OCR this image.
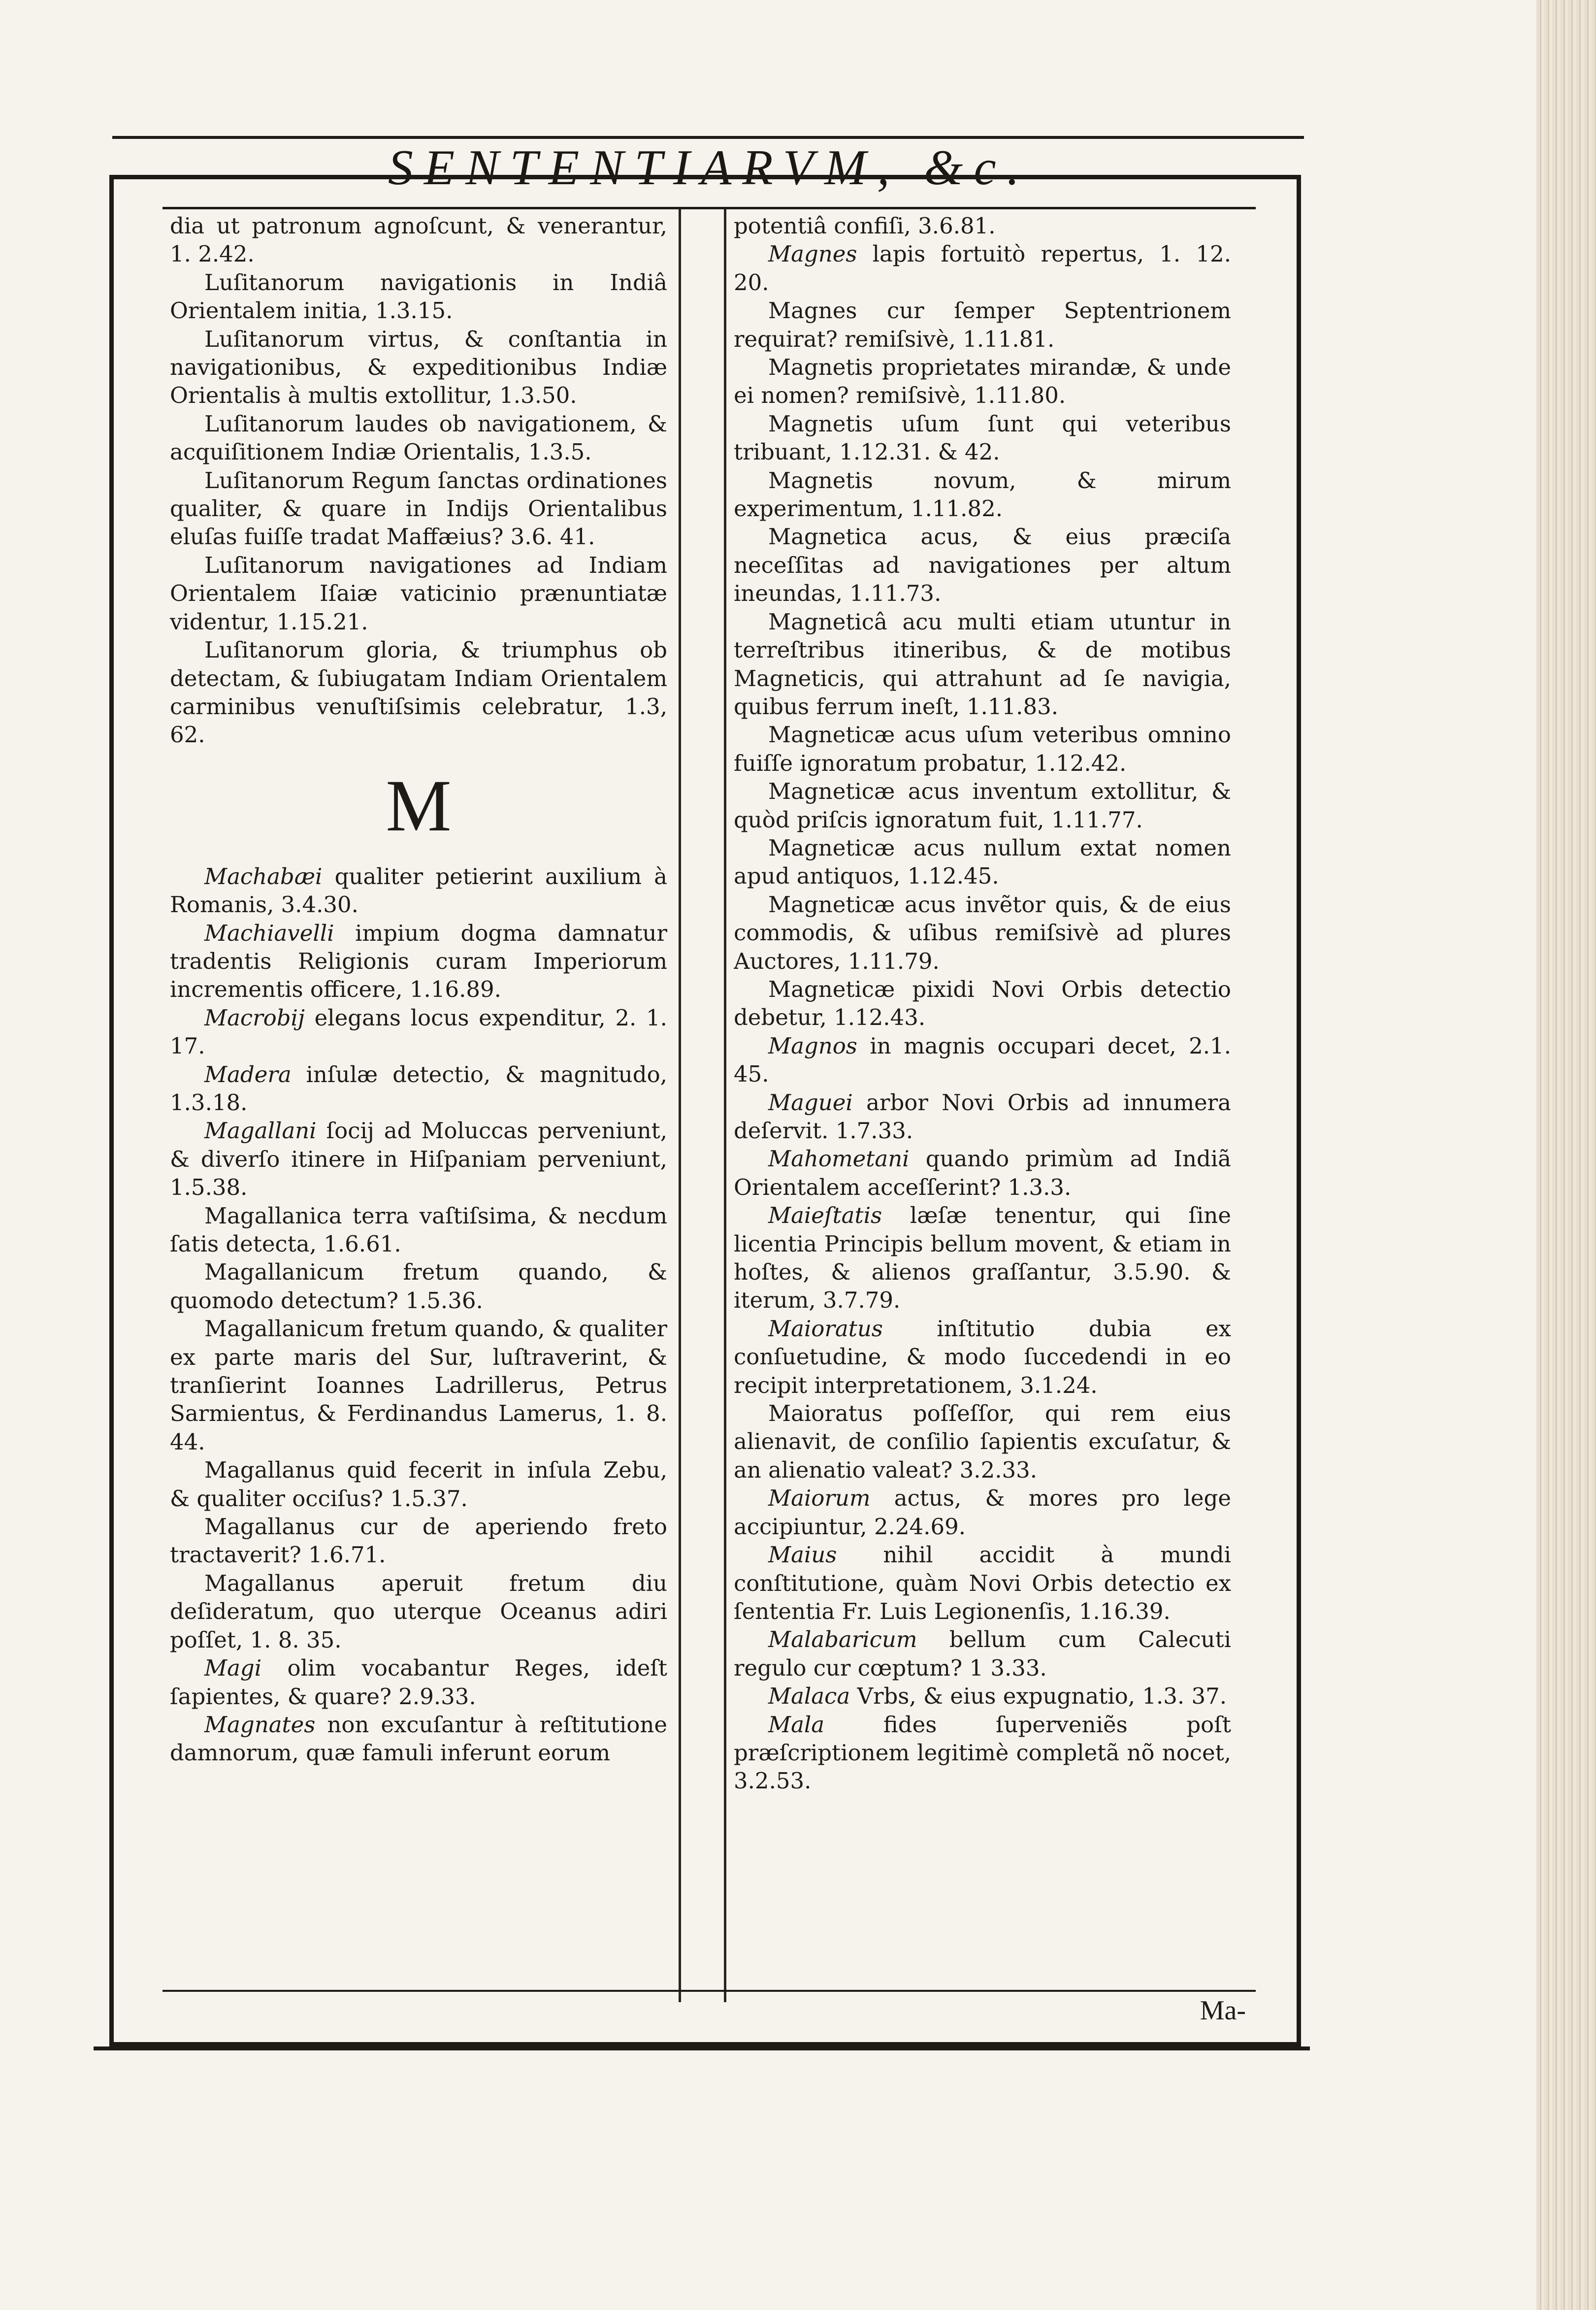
SENTENTIARVM, &c.

dia ut patronum agnoſcunt, & venerantur, 1. 2.42.

Luſitanorum navigationis in Indiâ Orientalem initia, 1.3.15.

Luſitanorum virtus, & conſtantia in navigationibus, & expeditionibus Indiæ Orientalis à multis extollitur, 1.3.50.

Luſitanorum laudes ob navigationem, & acquiſitionem Indiæ Orientalis, 1.3.5.

Luſitanorum Regum ſanctas ordinationes qualiter, & quare in Indijs Orientalibus eluſas fuiſſe tradat Maffæius? 3.6. 41.

Luſitanorum navigationes ad Indiam Orientalem Iſaiæ vaticinio prænuntiatæ videntur, 1.15.21.

Luſitanorum gloria, & triumphus ob detectam, & ſubiugatam Indiam Orientalem carminibus venuſtiſsimis celebratur, 1.3, 62.

M

Machabæi qualiter petierint auxilium à Romanis, 3.4.30.

Machiavelli impium dogma damnatur tradentis Religionis curam Imperiorum incrementis officere, 1.16.89.

Macrobij elegans locus expenditur, 2. 1. 17.

Madera inſulæ detectio, & magnitudo, 1.3.18.

Magallani ſocij ad Moluccas perveniunt, & diverſo itinere in Hiſpaniam perveniunt, 1.5.38.

Magallanica terra vaſtiſsima, & necdum ſatis detecta, 1.6.61.

Magallanicum fretum quando, & quomodo detectum? 1.5.36.

Magallanicum fretum quando, & qualiter ex parte maris del Sur, luſtraverint, & tranſierint Ioannes Ladrillerus, Petrus Sarmientus, & Ferdinandus Lamerus, 1. 8. 44.

Magallanus quid fecerit in inſula Zebu, & qualiter occiſus? 1.5.37.

Magallanus cur de aperiendo freto tractaverit? 1.6.71.

Magallanus aperuit fretum diu deſideratum, quo uterque Oceanus adiri poſſet, 1. 8. 35.

Magi olim vocabantur Reges, ideſt ſapientes, & quare? 2.9.33.

Magnates non excuſantur à reſtitutione damnorum, quæ famuli inferunt eorum

potentiâ confiſi, 3.6.81.

Magnes lapis fortuitò repertus, 1. 12. 20.

Magnes cur ſemper Septentrionem requirat? remiſsivè, 1.11.81.

Magnetis proprietates mirandæ, & unde ei nomen? remiſsivè, 1.11.80.

Magnetis uſum ſunt qui veteribus tribuant, 1.12.31. & 42.

Magnetis novum, & mirum experimentum, 1.11.82.

Magnetica acus, & eius præciſa neceſſitas ad navigationes per altum ineundas, 1.11.73.

Magneticâ acu multi etiam utuntur in terreſtribus itineribus, & de motibus Magneticis, qui attrahunt ad ſe navigia, quibus ferrum ineſt, 1.11.83.

Magneticæ acus uſum veteribus omnino fuiſſe ignoratum probatur, 1.12.42.

Magneticæ acus inventum extollitur, & quòd priſcis ignoratum fuit, 1.11.77.

Magneticæ acus nullum extat nomen apud antiquos, 1.12.45.

Magneticæ acus invẽtor quis, & de eius commodis, & uſibus remiſsivè ad plures Auctores, 1.11.79.

Magneticæ pixidi Novi Orbis detectio debetur, 1.12.43.

Magnos in magnis occupari decet, 2.1. 45.

Maguei arbor Novi Orbis ad innumera deſervit. 1.7.33.

Mahometani quando primùm ad Indiã Orientalem acceſſerint? 1.3.3.

Maieſtatis læſæ tenentur, qui ſine licentia Principis bellum movent, & etiam in hoſtes, & alienos graſſantur, 3.5.90. & iterum, 3.7.79.

Maioratus inſtitutio dubia ex conſuetudine, & modo ſuccedendi in eo recipit interpretationem, 3.1.24.

Maioratus poſſeſſor, qui rem eius alienavit, de conſilio ſapientis excuſatur, & an alienatio valeat? 3.2.33.

Maiorum actus, & mores pro lege accipiuntur, 2.24.69.

Maius nihil accidit à mundi conſtitutione, quàm Novi Orbis detectio ex ſententia Fr. Luis Legionenſis, 1.16.39.

Malabaricum bellum cum Calecuti regulo cur cœptum? 1 3.33.

Malaca Vrbs, & eius expugnatio, 1.3. 37.

Mala fides ſuperveniẽs poſt præſcriptionem legitimè completã nõ nocet, 3.2.53.

Ma-
